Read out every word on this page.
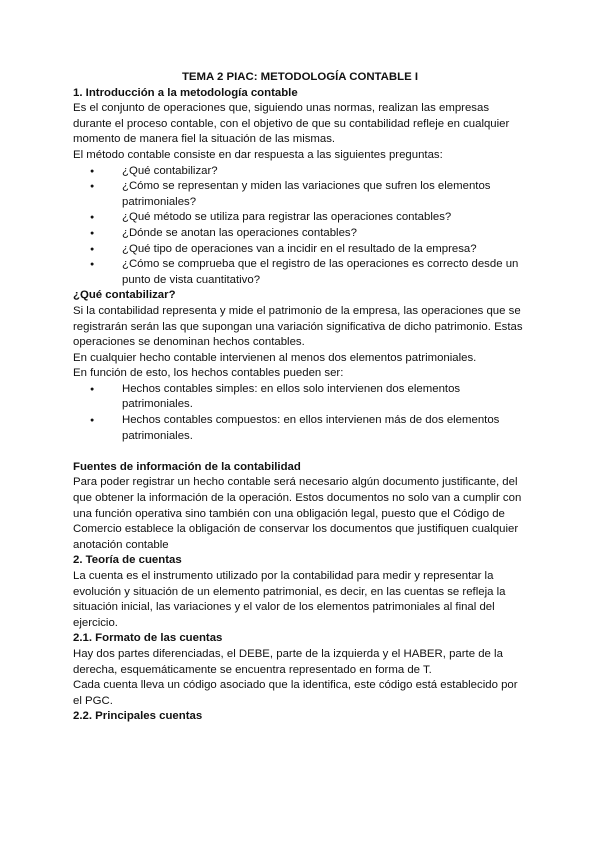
TEMA 2 PIAC: METODOLOGÍA CONTABLE I

1. Introducción a la metodología contable

Es el conjunto de operaciones que, siguiendo unas normas, realizan las empresas durante el proceso contable, con el objetivo de que su contabilidad refleje en cualquier momento de manera fiel la situación de las mismas.

El método contable consiste en dar respuesta a las siguientes preguntas:

● ¿Qué contabilizar?
● ¿Cómo se representan y miden las variaciones que sufren los elementos patrimoniales?
● ¿Qué método se utiliza para registrar las operaciones contables?
● ¿Dónde se anotan las operaciones contables?
● ¿Qué tipo de operaciones van a incidir en el resultado de la empresa?
● ¿Cómo se comprueba que el registro de las operaciones es correcto desde un punto de vista cuantitativo?

¿Qué contabilizar?

Si la contabilidad representa y mide el patrimonio de la empresa, las operaciones que se registrarán serán las que supongan una variación significativa de dicho patrimonio. Estas operaciones se denominan hechos contables.

En cualquier hecho contable intervienen al menos dos elementos patrimoniales.

En función de esto, los hechos contables pueden ser:

● Hechos contables simples: en ellos solo intervienen dos elementos patrimoniales.
● Hechos contables compuestos: en ellos intervienen más de dos elementos patrimoniales.

Fuentes de información de la contabilidad

Para poder registrar un hecho contable será necesario algún documento justificante, del que obtener la información de la operación. Estos documentos no solo van a cumplir con una función operativa sino también con una obligación legal, puesto que el Código de Comercio establece la obligación de conservar los documentos que justifiquen cualquier anotación contable

2. Teoría de cuentas

La cuenta es el instrumento utilizado por la contabilidad para medir y representar la evolución y situación de un elemento patrimonial, es decir, en las cuentas se refleja la situación inicial, las variaciones y el valor de los elementos patrimoniales al final del ejercicio.

2.1. Formato de las cuentas

Hay dos partes diferenciadas, el DEBE, parte de la izquierda y el HABER, parte de la derecha, esquemáticamente se encuentra representado en forma de T.

Cada cuenta lleva un código asociado que la identifica, este código está establecido por el PGC.

2.2. Principales cuentas
